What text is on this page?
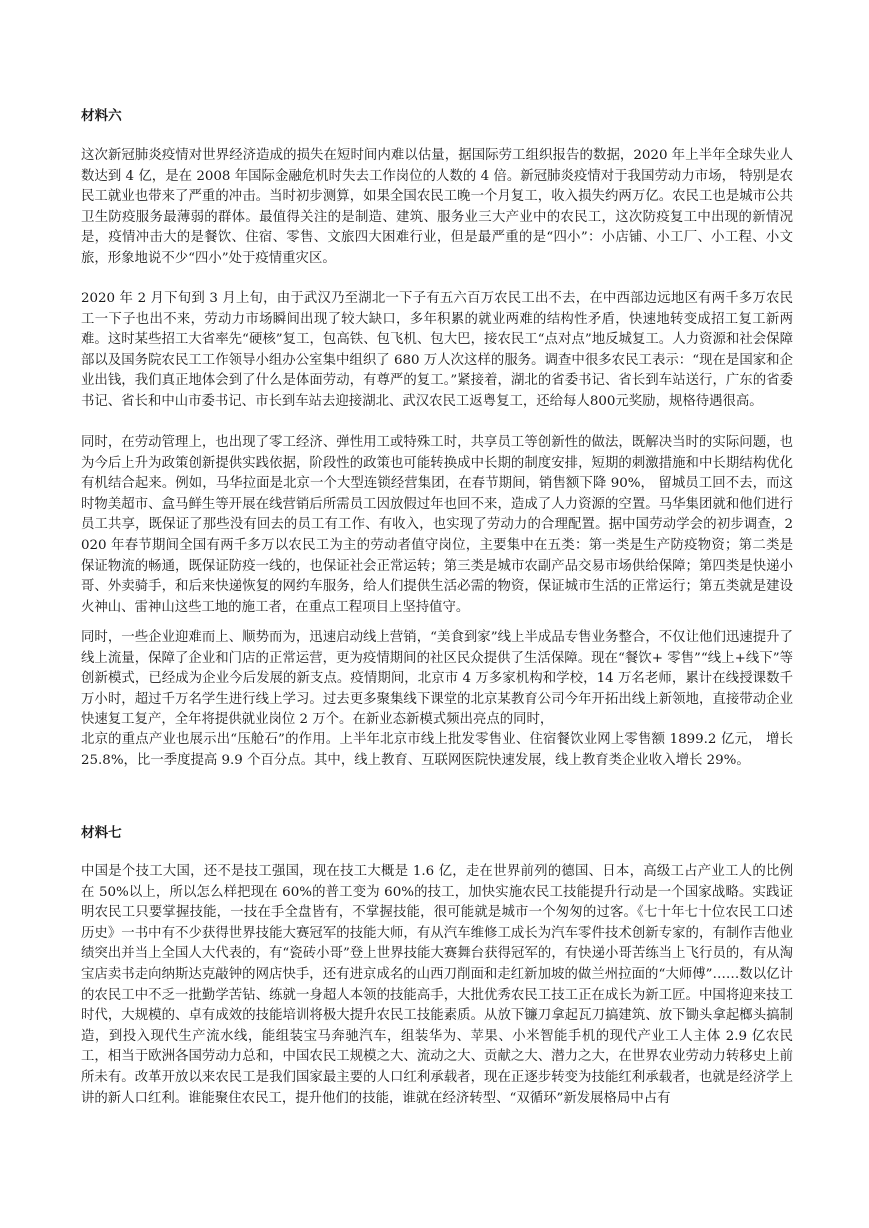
材料六

这次新冠肺炎疫情对世界经济造成的损失在短时间内难以估量，据国际劳工组织报告的数据，2020 年上半年全球失业人数达到 4 亿，是在 2008 年国际金融危机时失去工作岗位的人数的 4 倍。新冠肺炎疫情对于我国劳动力市场， 特别是农民工就业也带来了严重的冲击。当时初步测算，如果全国农民工晚一个月复工，收入损失约两万亿。农民工也是城市公共卫生防疫服务最薄弱的群体。最值得关注的是制造、建筑、服务业三大产业中的农民工，这次防疫复工中出现的新情况是，疫情冲击大的是餐饮、住宿、零售、文旅四大困难行业，但是最严重的是“四小”：小店铺、小工厂、小工程、小文旅，形象地说不少“四小”处于疫情重灾区。

2020 年 2 月下旬到 3 月上旬，由于武汉乃至湖北一下子有五六百万农民工出不去，在中西部边远地区有两千多万农民工一下子也出不来，劳动力市场瞬间出现了较大缺口，多年积累的就业两难的结构性矛盾，快速地转变成招工复工新两难。这时某些招工大省率先“硬核”复工，包高铁、包飞机、包大巴，接农民工“点对点”地反城复工。人力资源和社会保障部以及国务院农民工工作领导小组办公室集中组织了 680 万人次这样的服务。调查中很多农民工表示：“现在是国家和企业出钱，我们真正地体会到了什么是体面劳动，有尊严的复工。”紧接着，湖北的省委书记、省长到车站送行，广东的省委书记、省长和中山市委书记、市长到车站去迎接湖北、武汉农民工返粤复工，还给每人800元奖励，规格待遇很高。

同时，在劳动管理上，也出现了零工经济、弹性用工或特殊工时，共享员工等创新性的做法，既解决当时的实际问题，也为今后上升为政策创新提供实践依据，阶段性的政策也可能转换成中长期的制度安排，短期的刺激措施和中长期结构优化有机结合起来。例如，马华拉面是北京一个大型连锁经营集团，在春节期间，销售额下降 90%， 留城员工回不去，而这时物美超市、盒马鲜生等开展在线营销后所需员工因放假过年也回不来，造成了人力资源的空置。马华集团就和他们进行员工共享，既保证了那些没有回去的员工有工作、有收入，也实现了劳动力的合理配置。据中国劳动学会的初步调查，2020 年春节期间全国有两千多万以农民工为主的劳动者值守岗位，主要集中在五类：第一类是生产防疫物资；第二类是保证物流的畅通，既保证防疫一线的，也保证社会正常运转；第三类是城市农副产品交易市场供给保障；第四类是快递小哥、外卖骑手，和后来快递恢复的网约车服务，给人们提供生活必需的物资，保证城市生活的正常运行；第五类就是建设火神山、雷神山这些工地的施工者，在重点工程项目上坚持值守。

同时，一些企业迎难而上、顺势而为，迅速启动线上营销，“美食到家”线上半成品专售业务整合，不仅让他们迅速提升了线上流量，保障了企业和门店的正常运营，更为疫情期间的社区民众提供了生活保障。现在“餐饮+ 零售”“线上+线下”等创新模式，已经成为企业今后发展的新支点。疫情期间，北京市 4 万多家机构和学校，14 万名老师，累计在线授课数千万小时，超过千万名学生进行线上学习。过去更多聚集线下课堂的北京某教育公司今年开拓出线上新领地，直接带动企业快速复工复产，全年将提供就业岗位 2 万个。在新业态新模式频出亮点的同时，

北京的重点产业也展示出“压舱石”的作用。上半年北京市线上批发零售业、住宿餐饮业网上零售额 1899.2 亿元， 增长 25.8%，比一季度提高 9.9 个百分点。其中，线上教育、互联网医院快速发展，线上教育类企业收入增长 29%。

材料七

中国是个技工大国，还不是技工强国，现在技工大概是 1.6 亿，走在世界前列的德国、日本，高级工占产业工人的比例在 50%以上，所以怎么样把现在 60%的普工变为 60%的技工，加快实施农民工技能提升行动是一个国家战略。实践证明农民工只要掌握技能，一技在手全盘皆有，不掌握技能，很可能就是城市一个匆匆的过客。《七十年七十位农民工口述历史》一书中有不少获得世界技能大赛冠军的技能大师，有从汽车维修工成长为汽车零件技术创新专家的，有制作吉他业绩突出并当上全国人大代表的，有“瓷砖小哥”登上世界技能大赛舞台获得冠军的，有快递小哥苦练当上飞行员的，有从淘宝店卖书走向纳斯达克敲钟的网店快手，还有进京成名的山西刀削面和走红新加坡的做兰州拉面的“大师傅”……数以亿计的农民工中不乏一批勤学苦钻、练就一身超人本领的技能高手，大批优秀农民工技工正在成长为新工匠。中国将迎来技工时代，大规模的、卓有成效的技能培训将极大提升农民工技能素质。从放下镰刀拿起瓦刀搞建筑、放下锄头拿起榔头搞制造，到投入现代生产流水线，能组装宝马奔驰汽车，组装华为、苹果、小米智能手机的现代产业工人主体 2.9 亿农民工，相当于欧洲各国劳动力总和，中国农民工规模之大、流动之大、贡献之大、潜力之大，在世界农业劳动力转移史上前所未有。改革开放以来农民工是我们国家最主要的人口红利承载者，现在正逐步转变为技能红利承载者，也就是经济学上讲的新人口红利。谁能聚住农民工，提升他们的技能，谁就在经济转型、“双循环”新发展格局中占有
